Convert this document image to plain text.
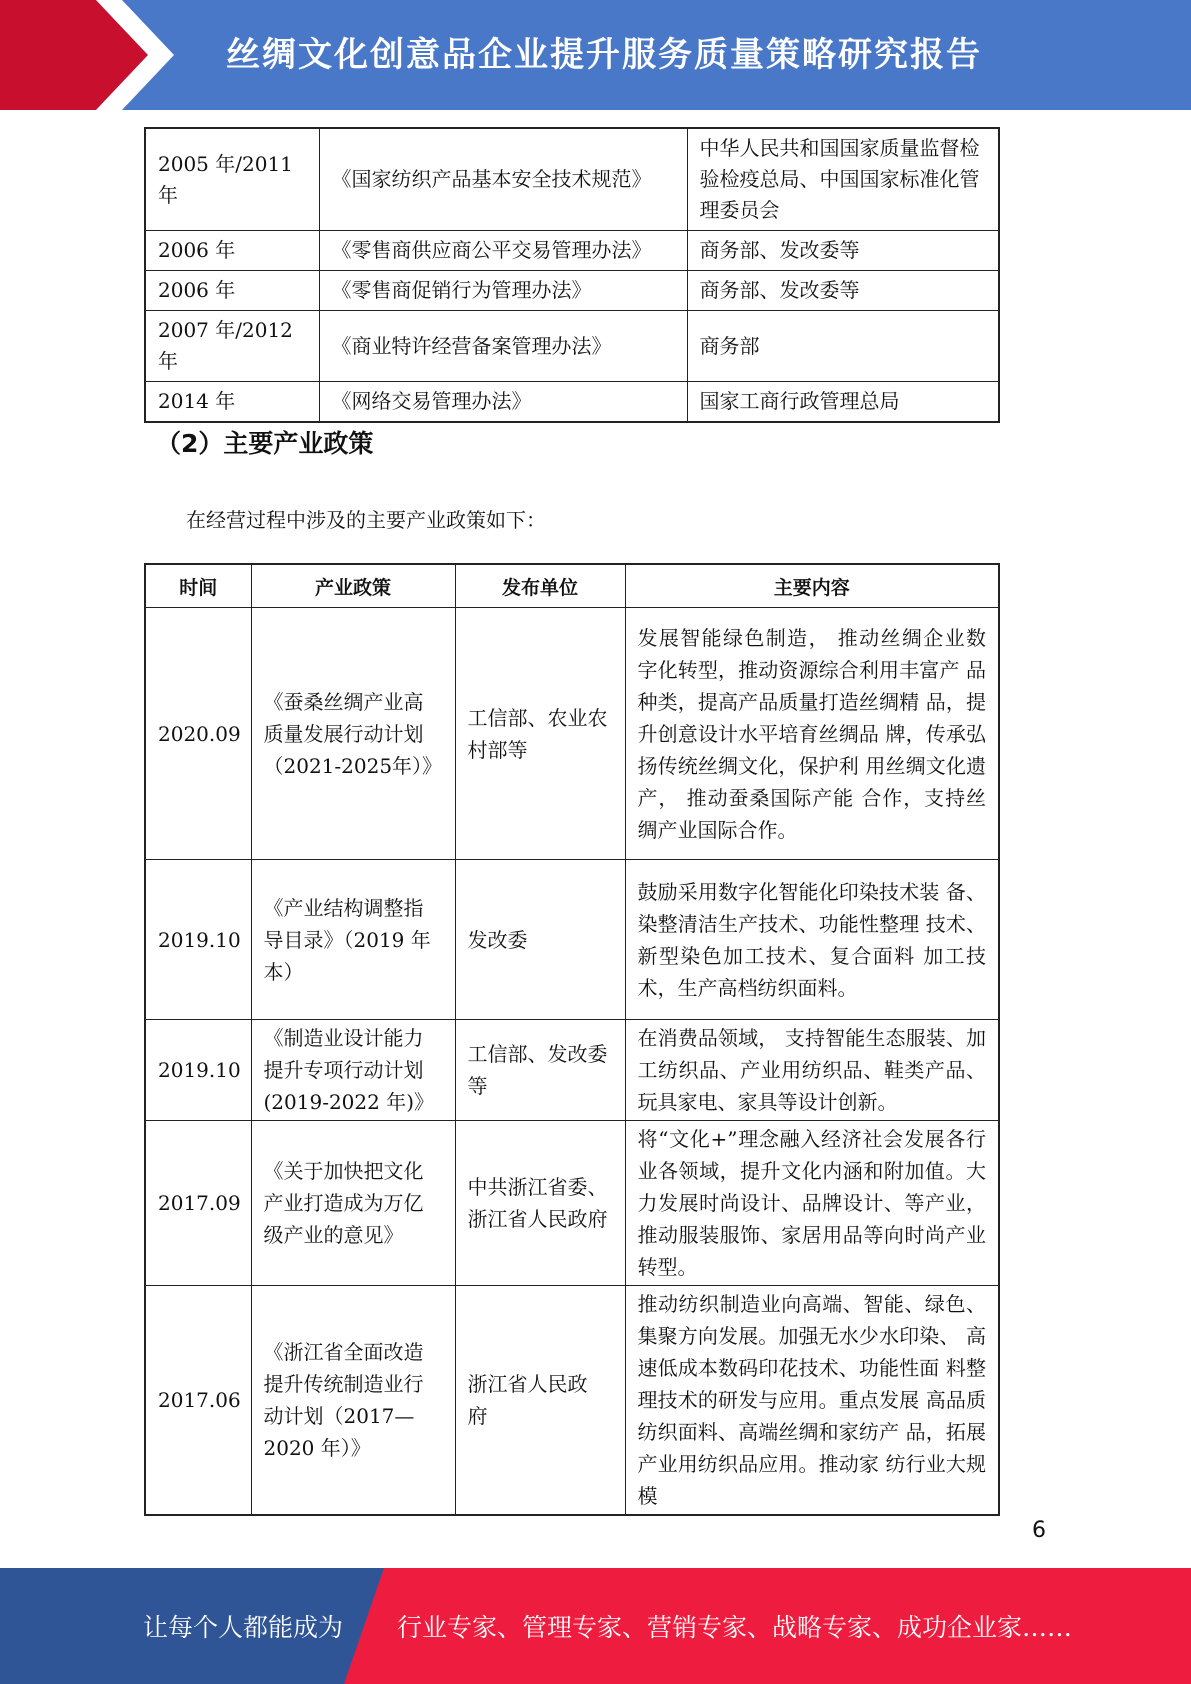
丝绸文化创意品企业提升服务质量策略研究报告
2005 年/2011 年	《国家纺织产品基本安全技术规范》	中华人民共和国国家质量监督检验检疫总局、中国国家标准化管理委员会
2006 年	《零售商供应商公平交易管理办法》	商务部、发改委等
2006 年	《零售商促销行为管理办法》	商务部、发改委等
2007 年/2012 年	《商业特许经营备案管理办法》	商务部
2014 年	《网络交易管理办法》	国家工商行政管理总局
（2）主要产业政策
在经营过程中涉及的主要产业政策如下：
时间	产业政策	发布单位	主要内容
2020.09	《蚕桑丝绸产业高 质量发展行动计划（2021-2025年）》	工信部、农业农村部等	发展智能绿色制造， 推动丝绸企业数 字化转型，推动资源综合利用丰富产 品种类，提高产品质量打造丝绸精 品，提升创意设计水平培育丝绸品 牌，传承弘扬传统丝绸文化，保护利 用丝绸文化遗产， 推动蚕桑国际产能 合作，支持丝绸产业国际合作。
2019.10	《产业结构调整指 导目录》（2019 年 本）	发改委	鼓励采用数字化智能化印染技术装 备、染整清洁生产技术、功能性整理 技术、新型染色加工技术、复合面料 加工技术，生产高档纺织面料。
2019.10	《制造业设计能力提升专项行动计划(2019-2022 年)》	工信部、发改委等	在消费品领域， 支持智能生态服装、加工纺织品、产业用纺织品、鞋类产品、玩具家电、家具等设计创新。
2017.09	《关于加快把文化产业打造成为万亿级产业的意见》	中共浙江省委、浙江省人民政府	将“文化+”理念融入经济社会发展各行 业各领域，提升文化内涵和附加值。大 力发展时尚设计、品牌设计、等产业， 推动服装服饰、家居用品等向时尚产业 转型。
2017.06	《浙江省全面改造提升传统制造业行 动计划（2017—2020 年）》	浙江省人民政 府	推动纺织制造业向高端、智能、绿色、 集聚方向发展。加强无水少水印染、 高速低成本数码印花技术、功能性面 料整理技术的研发与应用。重点发展 高品质纺织面料、高端丝绸和家纺产 品，拓展产业用纺织品应用。推动家 纺行业大规模
6
让每个人都能成为 行业专家、管理专家、营销专家、战略专家、成功企业家……
